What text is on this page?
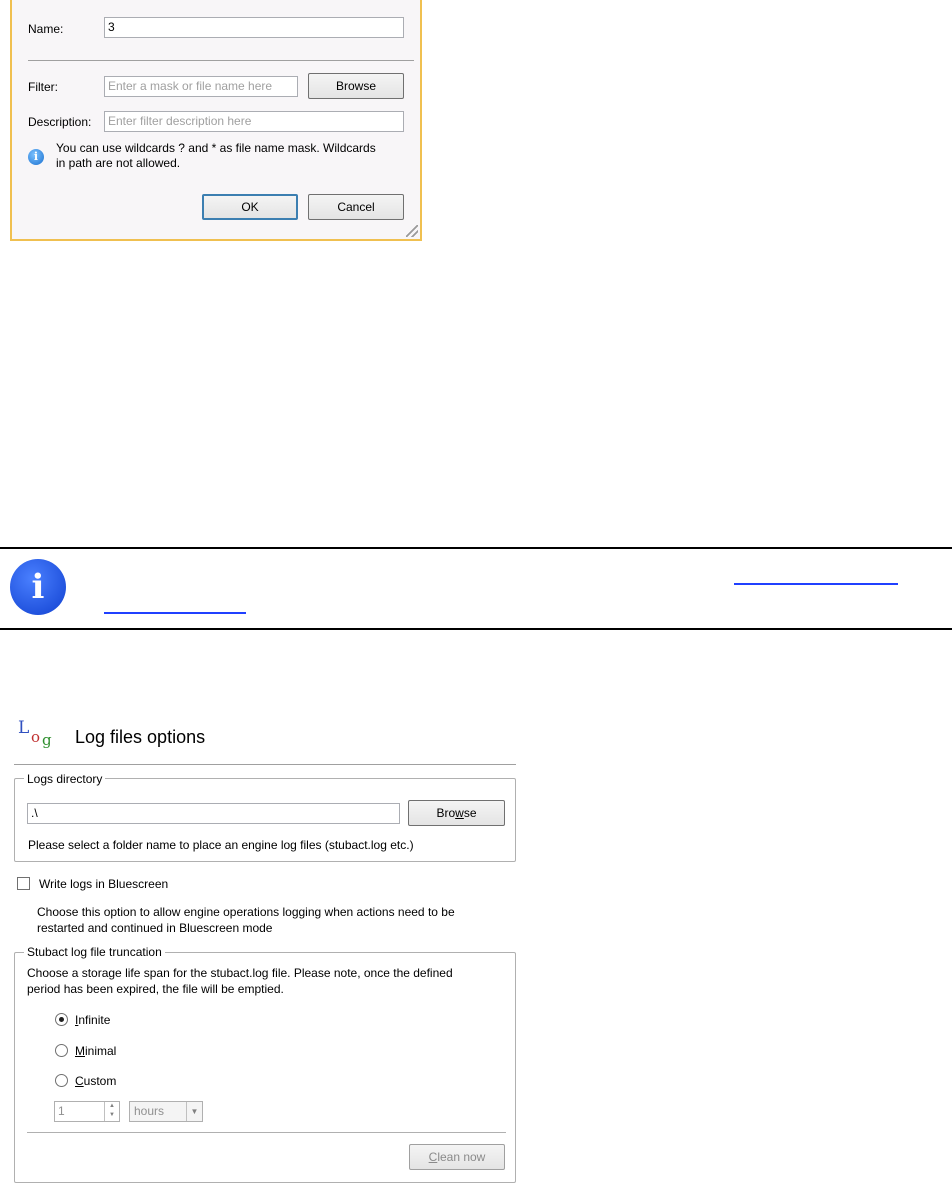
Name:	3
Filter:	Enter a mask or file name here	Browse
Description:	Enter filter description here
i
You can use wildcards ? and * as file name mask. Wildcards
in path are not allowed.
OK	Cancel
i
L o g Log files options
Logs directory
.\	Browse
Please select a folder name to place an engine log files (stubact.log etc.)
Write logs in Bluescreen
Choose this option to allow engine operations logging when actions need to be
restarted and continued in Bluescreen mode
Stubact log file truncation
Choose a storage life span for the stubact.log file. Please note, once the defined
period has been expired, the file will be emptied.
Infinite
Minimal
Custom
1	▲
▼	hours	▼
Clean now
